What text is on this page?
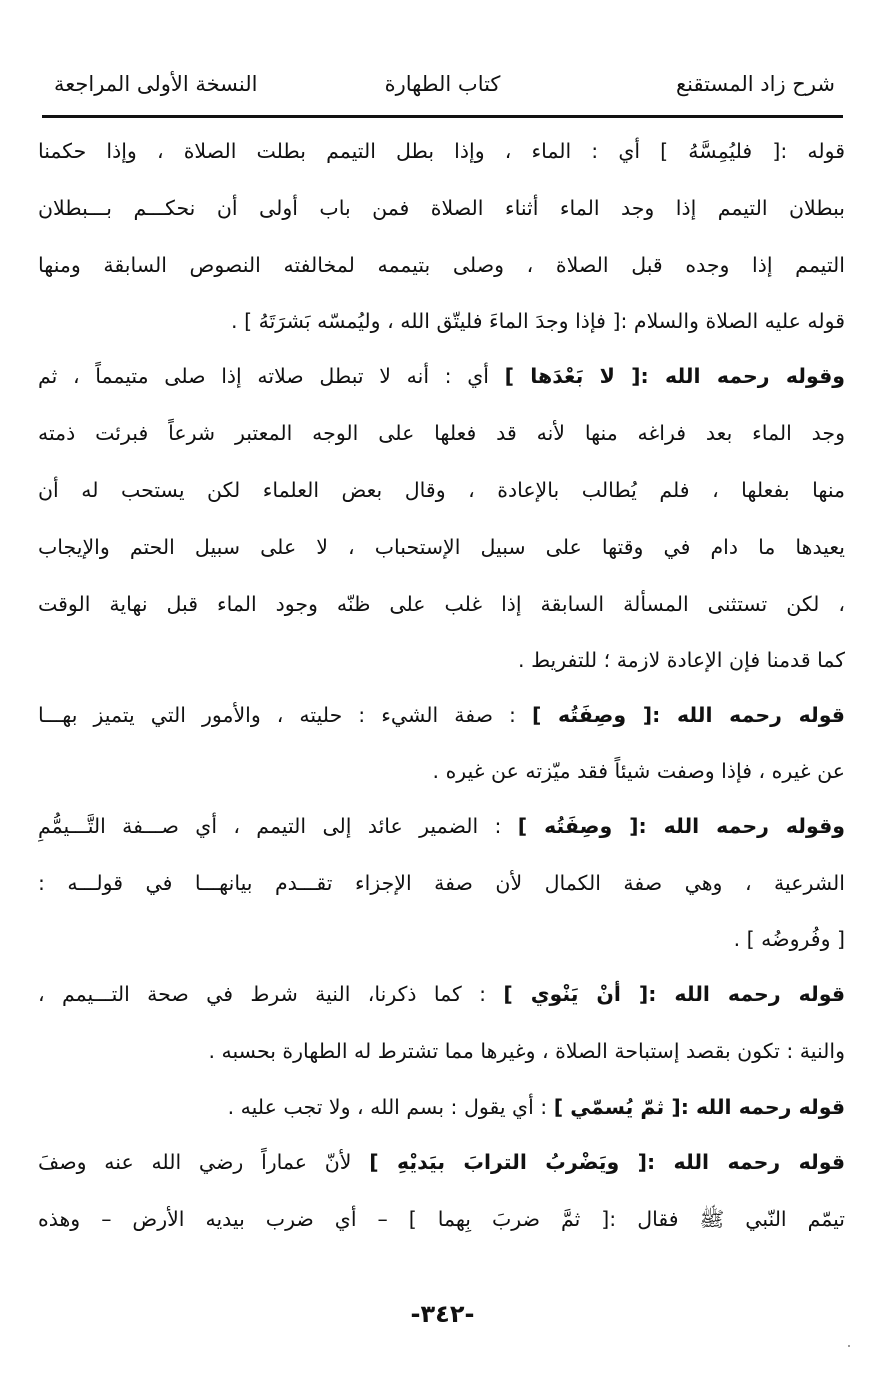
شرح زاد المستقنع
كتاب الطهارة
النسخة الأولى المراجعة
قوله :[ فليُمِسَّهُ ] أي : الماء ، وإذا بطل التيمم بطلت الصلاة ، وإذا حكمنا
ببطلان التيمم إذا وجد الماء أثناء الصلاة فمن باب أولى أن نحكـــم بـــبطلان
التيمم إذا وجده قبل الصلاة ، وصلى بتيممه لمخالفته النصوص السابقة ومنها
قوله عليه الصلاة والسلام :[ فإذا وجدَ الماءَ فليتّق الله ، وليُمسّه بَشرَتَهُ ] .
وقوله رحمه الله :[ لا بَعْدَها ] أي : أنه لا تبطل صلاته إذا صلى متيمماً ، ثم
وجد الماء بعد فراغه منها لأنه قد فعلها على الوجه المعتبر شرعاً فبرئت ذمته
منها بفعلها ، فلم يُطالب بالإعادة ، وقال بعض العلماء لكن يستحب له أن
يعيدها ما دام في وقتها على سبيل الإستحباب ، لا على سبيل الحتم والإيجاب
، لكن تستثنى المسألة السابقة إذا غلب على ظنّه وجود الماء قبل نهاية الوقت
كما قدمنا فإن الإعادة لازمة ؛ للتفريط .
قوله رحمه الله :[ وصِفَتُه ] : صفة الشيء : حليته ، والأمور التي يتميز بهـــا
عن غيره ، فإذا وصفت شيئاً فقد ميّزته عن غيره .
وقوله رحمه الله :[ وصِفَتُه ] : الضمير عائد إلى التيمم ، أي صـــفة التَّـــيمُّمِ
الشرعية ، وهي صفة الكمال لأن صفة الإجزاء تقـــدم بيانهـــا في قولـــه :
[ وفُروضُه ] .
قوله رحمه الله :[ أنْ يَنْوي ] : كما ذكرنا، النية شرط في صحة التـــيمم ،
والنية : تكون بقصد إستباحة الصلاة ، وغيرها مما تشترط له الطهارة بحسبه .
قوله رحمه الله :[ ثمّ يُسمّي ] : أي يقول : بسم الله ، ولا تجب عليه .
قوله رحمه الله :[ ويَضْربُ الترابَ بيَديْهِ ] لأنّ عماراً رضي الله عنه وصفَ
تيمّم النّبي ﷺ فقال :[ ثمَّ ضربَ بِهما ] – أي ضرب بيديه الأرض – وهذه
-٣٤٢-
